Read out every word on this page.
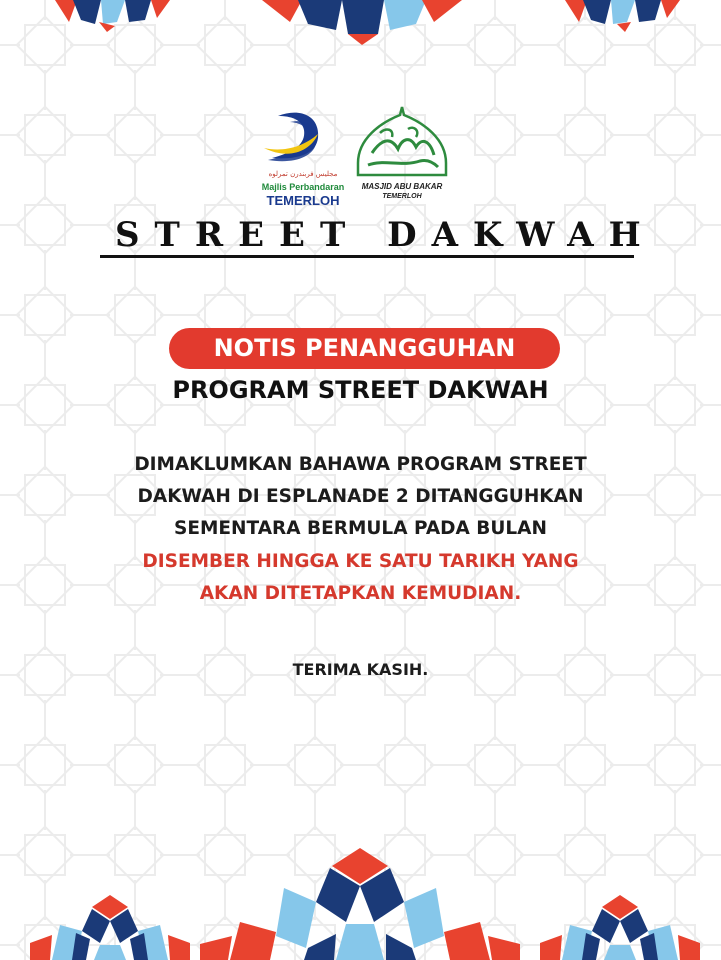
مجليس فربندرن تمرلوه
Majlis Perbandaran
TEMERLOH
MASJID ABU BAKAR
TEMERLOH
STREET DAKWAH
NOTIS PENANGGUHAN
PROGRAM STREET DAKWAH
DIMAKLUMKAN BAHAWA PROGRAM STREET
DAKWAH DI ESPLANADE 2 DITANGGUHKAN
SEMENTARA BERMULA PADA BULAN
DISEMBER HINGGA KE SATU TARIKH YANG
AKAN DITETAPKAN KEMUDIAN.
TERIMA KASIH.
